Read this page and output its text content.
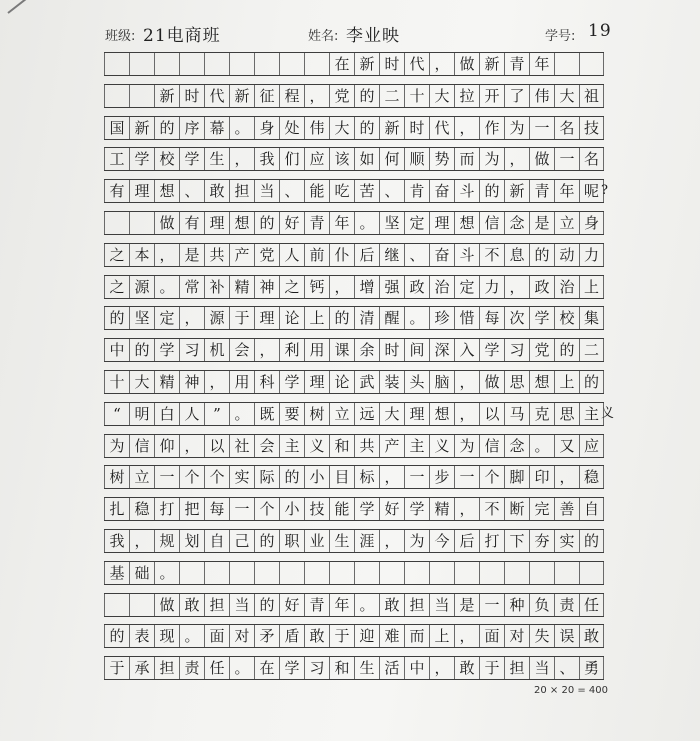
班级: 21电商班	姓名: 李业映	学号: 19
在 新 时 代 ， 做 新 青 年
新 时 代 新 征 程 ， 党 的 二 十 大 拉 开 了 伟 大 祖
国 新 的 序 幕 。 身 处 伟 大 的 新 时 代 ， 作 为 一 名 技
工 学 校 学 生 ， 我 们 应 该 如 何 顺 势 而 为 ， 做 一 名
有 理 想 、 敢 担 当 、 能 吃 苦 、 肯 奋 斗 的 新 青 年 呢 ?
做 有 理 想 的 好 青 年 。 坚 定 理 想 信 念 是 立 身
之 本 ， 是 共 产 党 人 前 仆 后 继 、 奋 斗 不 息 的 动 力
之 源 。 常 补 精 神 之 钙 ， 增 强 政 治 定 力 ， 政 治 上
的 坚 定 ， 源 于 理 论 上 的 清 醒 。 珍 惜 每 次 学 校 集
中 的 学 习 机 会 ， 利 用 课 余 时 间 深 入 学 习 党 的 二
十 大 精 神 ， 用 科 学 理 论 武 装 头 脑 ， 做 思 想 上 的
“ 明 白 人 ” 。 既 要 树 立 远 大 理 想 ， 以 马 克 思 主 义
为 信 仰 ， 以 社 会 主 义 和 共 产 主 义 为 信 念 。 又 应
树 立 一 个 个 实 际 的 小 目 标 ， 一 步 一 个 脚 印 ， 稳
扎 稳 打 把 每 一 个 小 技 能 学 好 学 精 ， 不 断 完 善 自
我 ， 规 划 自 己 的 职 业 生 涯 ， 为 今 后 打 下 夯 实 的
基 础 。
做 敢 担 当 的 好 青 年 。 敢 担 当 是 一 种 负 责 任
的 表 现 。 面 对 矛 盾 敢 于 迎 难 而 上 ， 面 对 失 误 敢
于 承 担 责 任 。 在 学 习 和 生 活 中 ， 敢 于 担 当 、 勇
20 × 20 = 400
